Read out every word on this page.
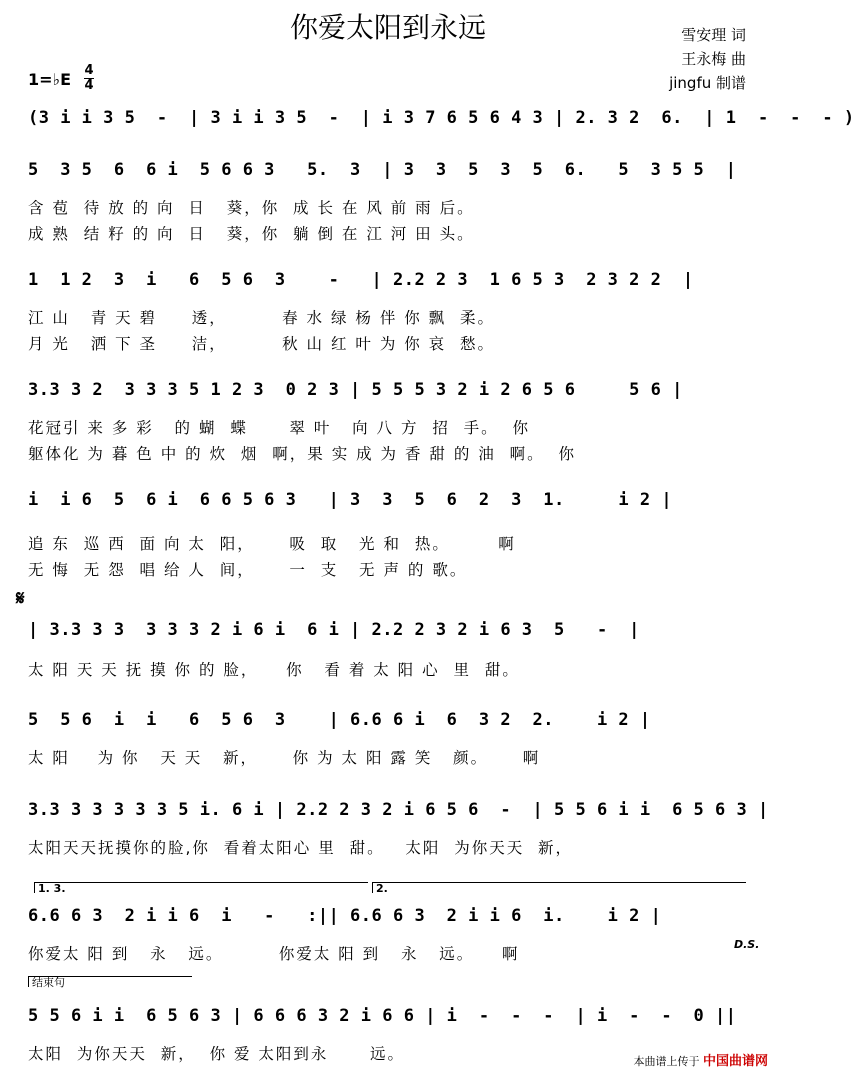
你爱太阳到永远	雪安理 词
王永梅 曲
jingfu 制谱
1=♭E 4
4
(3 i i 3 5  -  | 3 i i 3 5  -  | i 3 7 6 5 6 4 3 | 2. 3 2  6.  | 1  -  -  - )
5  3 5  6  6 i  5 6 6 3   5.  3  | 3  3  5  3  5  6.   5  3 5 5  |
含 苞  待 放 的 向  日   葵，你  成 长 在 风 前 雨 后。
成 熟  结 籽 的 向  日   葵，你  躺 倒 在 江 河 田 头。
1  1 2  3  i   6  5 6  3    -   | 2.2 2 3  1 6 5 3  2 3 2 2  |
江 山   青 天 碧     透，        春 水 绿 杨 伴 你 飘  柔。
月 光   洒 下 圣     洁，        秋 山 红 叶 为 你 哀  愁。
3.3 3 2  3 3 3 5 1 2 3  0 2 3 | 5 5 5 3 2 i 2 6 5 6     5 6 |
花冠引 来 多 彩   的 蝴  蝶      翠 叶   向 八 方  招  手。  你
躯体化 为 暮 色 中 的 炊  烟  啊，果 实 成 为 香 甜 的 油  啊。  你
i  i 6  5  6 i  6 6 5 6 3   | 3  3  5  6  2  3  1.     i 2 |
追 东  巡 西  面 向 太  阳，     吸  取   光 和  热。       啊
无 悔  无 怨  唱 给 人  间，     一  支   无 声 的 歌。
𝄋
| 3.3 3 3  3 3 3 2 i 6 i  6 i | 2.2 2 3 2 i 6 3  5   -  |
太 阳 天 天 抚 摸 你 的 脸，    你   看 着 太 阳 心  里  甜。
5  5 6  i  i   6  5 6  3    | 6.6 6 i  6  3 2  2.    i 2 |
太 阳    为 你   天 天   新，     你 为 太 阳 露 笑   颜。     啊
3.3 3 3 3 3 3 5 i. 6 i | 2.2 2 3 2 i 6 5 6  -  | 5 5 6 i i  6 5 6 3 |
太阳天天抚摸你的脸,你  看着太阳心 里  甜。   太阳  为你天天  新，
1. 3.	2.
6.6 6 3  2 i i 6  i   -   :|| 6.6 6 3  2 i i 6  i.    i 2 |
你爱太 阳 到   永   远。        你爱太 阳 到   永   远。    啊
D.S.
结束句
5 5 6 i i  6 5 6 3 | 6 6 6 3 2 i 6 6 | i  -  -  -  | i  -  -  0 ||
太阳  为你天天  新，  你 爱 太阳到永      远。	本曲谱上传于 中国曲谱网
